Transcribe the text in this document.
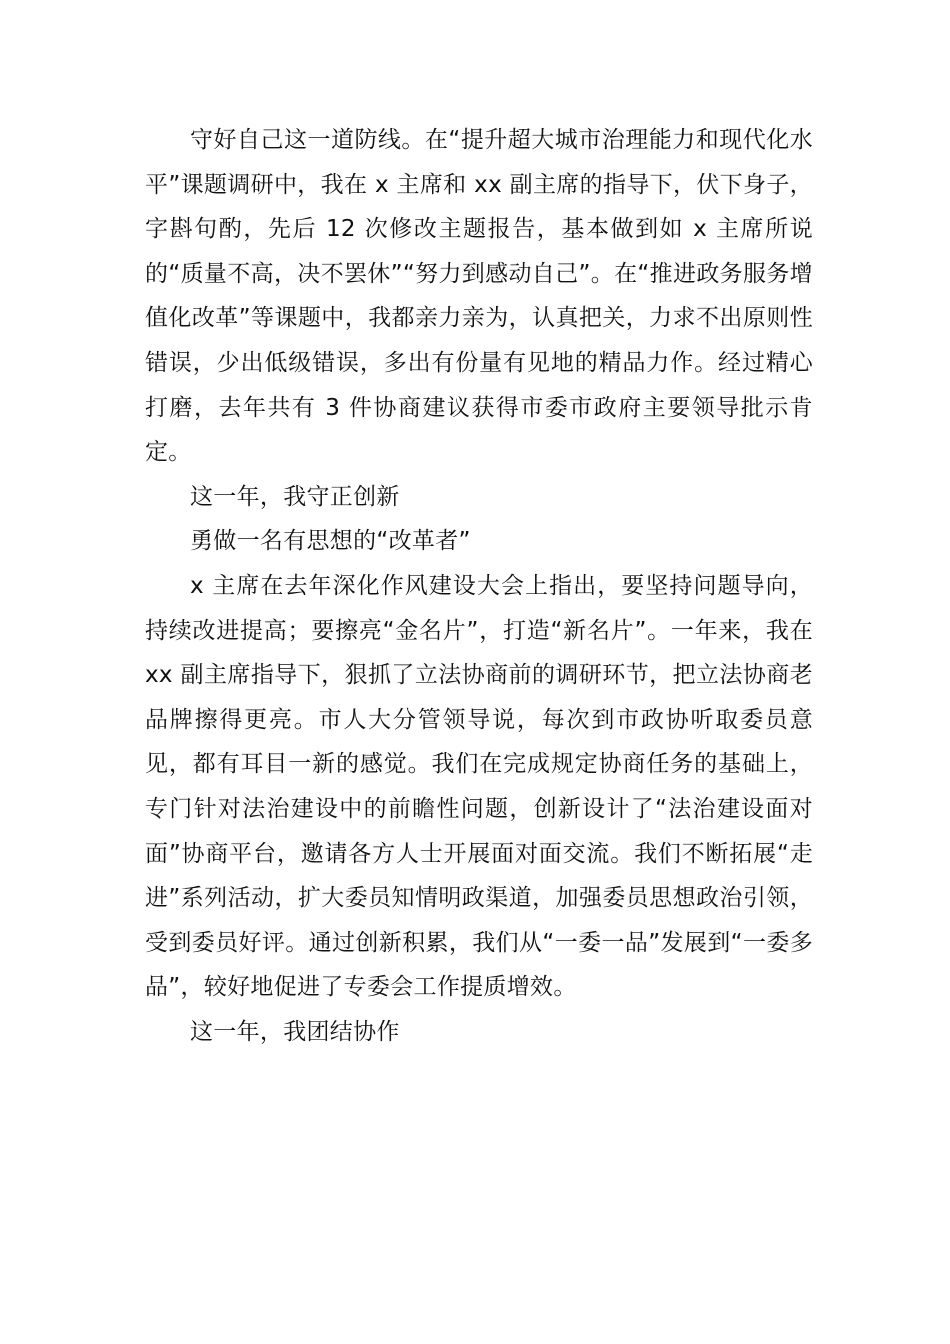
守好自己这一道防线。在“提升超大城市治理能力和现代化水平”课题调研中，我在 x 主席和 xx 副主席的指导下，伏下身子，字斟句酌，先后 12 次修改主题报告，基本做到如 x 主席所说的“质量不高，决不罢休”“努力到感动自己”。在“推进政务服务增值化改革”等课题中，我都亲力亲为，认真把关，力求不出原则性错误，少出低级错误，多出有份量有见地的精品力作。经过精心打磨，去年共有 3 件协商建议获得市委市政府主要领导批示肯定。

这一年，我守正创新

勇做一名有思想的“改革者”

x 主席在去年深化作风建设大会上指出，要坚持问题导向，持续改进提高；要擦亮“金名片”，打造“新名片”。一年来，我在 xx 副主席指导下，狠抓了立法协商前的调研环节，把立法协商老品牌擦得更亮。市人大分管领导说，每次到市政协听取委员意见，都有耳目一新的感觉。我们在完成规定协商任务的基础上，专门针对法治建设中的前瞻性问题，创新设计了“法治建设面对面”协商平台，邀请各方人士开展面对面交流。我们不断拓展“走进”系列活动，扩大委员知情明政渠道，加强委员思想政治引领，受到委员好评。通过创新积累，我们从“一委一品”发展到“一委多品”，较好地促进了专委会工作提质增效。

这一年，我团结协作
